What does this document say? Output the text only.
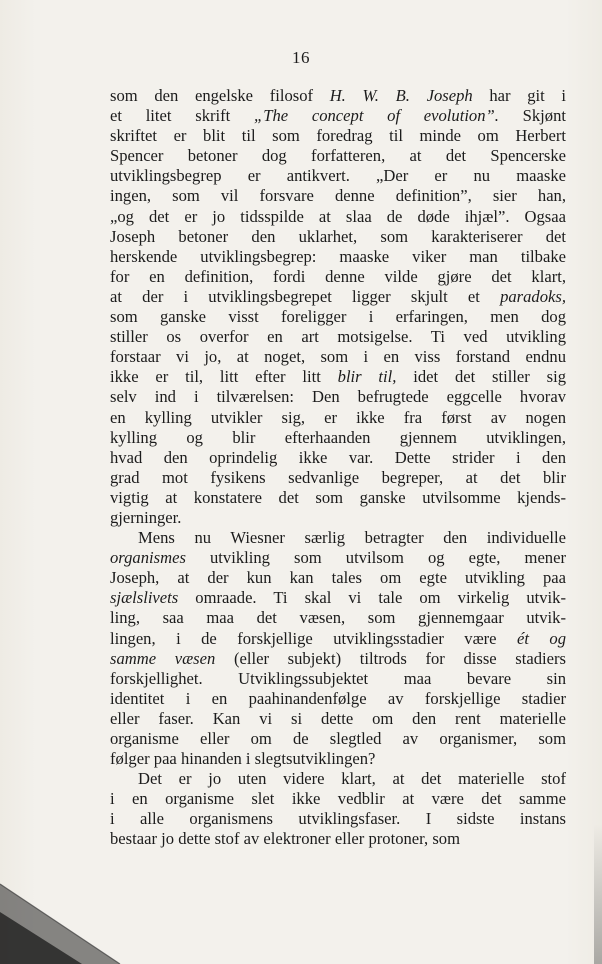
16
som den engelske filosof H. W. B. Joseph har git i
et litet skrift „The concept of evolution”. Skjønt
skriftet er blit til som foredrag til minde om Herbert
Spencer betoner dog forfatteren, at det Spencerske
utviklingsbegrep er antikvert. „Der er nu maaske
ingen, som vil forsvare denne definition”, sier han,
„og det er jo tidsspilde at slaa de døde ihjæl”. Ogsaa
Joseph betoner den uklarhet, som karakteriserer det
herskende utviklingsbegrep: maaske viker man tilbake
for en definition, fordi denne vilde gjøre det klart,
at der i utviklingsbegrepet ligger skjult et paradoks,
som ganske visst foreligger i erfaringen, men dog
stiller os overfor en art motsigelse. Ti ved utvikling
forstaar vi jo, at noget, som i en viss forstand endnu
ikke er til, litt efter litt blir til, idet det stiller sig
selv ind i tilværelsen: Den befrugtede eggcelle hvorav
en kylling utvikler sig, er ikke fra først av nogen
kylling og blir efterhaanden gjennem utviklingen,
hvad den oprindelig ikke var. Dette strider i den
grad mot fysikens sedvanlige begreper, at det blir
vigtig at konstatere det som ganske utvilsomme kjends-
gjerninger.
Mens nu Wiesner særlig betragter den individuelle
organismes utvikling som utvilsom og egte, mener
Joseph, at der kun kan tales om egte utvikling paa
sjælslivets omraade. Ti skal vi tale om virkelig utvik-
ling, saa maa det væsen, som gjennemgaar utvik-
lingen, i de forskjellige utviklingsstadier være ét og
samme væsen (eller subjekt) tiltrods for disse stadiers
forskjellighet. Utviklingssubjektet maa bevare sin
identitet i en paahinandenfølge av forskjellige stadier
eller faser. Kan vi si dette om den rent materielle
organisme eller om de slegtled av organismer, som
følger paa hinanden i slegtsutviklingen?
Det er jo uten videre klart, at det materielle stof
i en organisme slet ikke vedblir at være det samme
i alle organismens utviklingsfaser. I sidste instans
bestaar jo dette stof av elektroner eller protoner, som
